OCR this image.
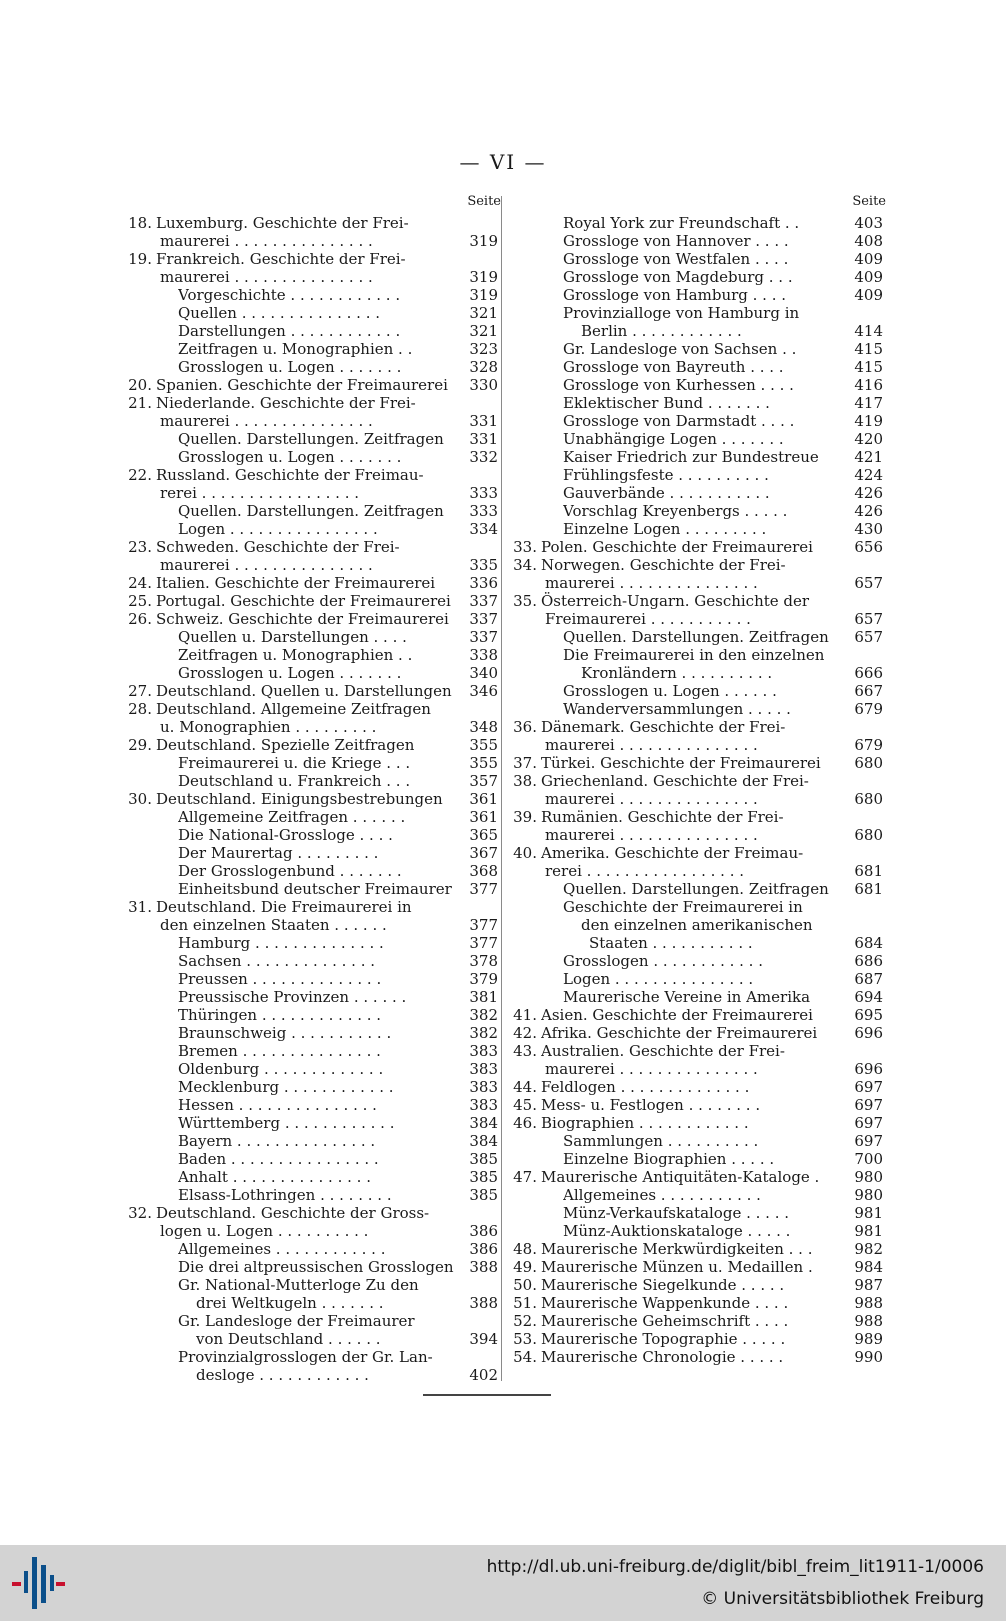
— VI —
Seite
18. Luxemburg. Geschichte der Frei-
maurerei . . . . . . . . . . . . . . .	319
19. Frankreich. Geschichte der Frei-
maurerei . . . . . . . . . . . . . . .	319
Vorgeschichte . . . . . . . . . . . .	319
Quellen . . . . . . . . . . . . . . .	321
Darstellungen . . . . . . . . . . . .	321
Zeitfragen u. Monographien . .	323
Grosslogen u. Logen . . . . . . .	328
20. Spanien. Geschichte der Freimaurerei	330
21. Niederlande. Geschichte der Frei-
maurerei . . . . . . . . . . . . . . .	331
Quellen. Darstellungen. Zeitfragen	331
Grosslogen u. Logen . . . . . . .	332
22. Russland. Geschichte der Freimau-
rerei . . . . . . . . . . . . . . . . .	333
Quellen. Darstellungen. Zeitfragen	333
Logen . . . . . . . . . . . . . . . .	334
23. Schweden. Geschichte der Frei-
maurerei . . . . . . . . . . . . . . .	335
24. Italien. Geschichte der Freimaurerei	336
25. Portugal. Geschichte der Freimaurerei	337
26. Schweiz. Geschichte der Freimaurerei	337
Quellen u. Darstellungen . . . .	337
Zeitfragen u. Monographien . .	338
Grosslogen u. Logen . . . . . . .	340
27. Deutschland. Quellen u. Darstellungen	346
28. Deutschland. Allgemeine Zeitfragen
u. Monographien . . . . . . . . .	348
29. Deutschland. Spezielle Zeitfragen	355
Freimaurerei u. die Kriege . . .	355
Deutschland u. Frankreich . . .	357
30. Deutschland. Einigungsbestrebungen	361
Allgemeine Zeitfragen . . . . . .	361
Die National-Grossloge . . . .	365
Der Maurertag . . . . . . . . .	367
Der Grosslogenbund . . . . . . .	368
Einheitsbund deutscher Freimaurer	377
31. Deutschland. Die Freimaurerei in
den einzelnen Staaten . . . . . .	377
Hamburg . . . . . . . . . . . . . .	377
Sachsen . . . . . . . . . . . . . .	378
Preussen . . . . . . . . . . . . . .	379
Preussische Provinzen . . . . . .	381
Thüringen . . . . . . . . . . . . .	382
Braunschweig . . . . . . . . . . .	382
Bremen . . . . . . . . . . . . . . .	383
Oldenburg . . . . . . . . . . . . .	383
Mecklenburg . . . . . . . . . . . .	383
Hessen . . . . . . . . . . . . . . .	383
Württemberg . . . . . . . . . . . .	384
Bayern . . . . . . . . . . . . . . .	384
Baden . . . . . . . . . . . . . . . .	385
Anhalt . . . . . . . . . . . . . . .	385
Elsass-Lothringen . . . . . . . .	385
32. Deutschland. Geschichte der Gross-
logen u. Logen . . . . . . . . . .	386
Allgemeines . . . . . . . . . . . .	386
Die drei altpreussischen Grosslogen	388
Gr. National-Mutterloge Zu den
drei Weltkugeln . . . . . . .	388
Gr. Landesloge der Freimaurer
von Deutschland . . . . . .	394
Provinzialgrosslogen der Gr. Lan-
desloge . . . . . . . . . . . .	402
Seite
Royal York zur Freundschaft . .	403
Grossloge von Hannover . . . .	408
Grossloge von Westfalen . . . .	409
Grossloge von Magdeburg . . .	409
Grossloge von Hamburg . . . .	409
Provinzialloge von Hamburg in
Berlin . . . . . . . . . . . .	414
Gr. Landesloge von Sachsen . .	415
Grossloge von Bayreuth . . . .	415
Grossloge von Kurhessen . . . .	416
Eklektischer Bund . . . . . . .	417
Grossloge von Darmstadt . . . .	419
Unabhängige Logen . . . . . . .	420
Kaiser Friedrich zur Bundestreue	421
Frühlingsfeste . . . . . . . . . .	424
Gauverbände . . . . . . . . . . .	426
Vorschlag Kreyenbergs . . . . .	426
Einzelne Logen . . . . . . . . .	430
33. Polen. Geschichte der Freimaurerei	656
34. Norwegen. Geschichte der Frei-
maurerei . . . . . . . . . . . . . . .	657
35. Österreich-Ungarn. Geschichte der
Freimaurerei . . . . . . . . . . .	657
Quellen. Darstellungen. Zeitfragen	657
Die Freimaurerei in den einzelnen
Kronländern . . . . . . . . . .	666
Grosslogen u. Logen . . . . . .	667
Wanderversammlungen . . . . .	679
36. Dänemark. Geschichte der Frei-
maurerei . . . . . . . . . . . . . . .	679
37. Türkei. Geschichte der Freimaurerei	680
38. Griechenland. Geschichte der Frei-
maurerei . . . . . . . . . . . . . . .	680
39. Rumänien. Geschichte der Frei-
maurerei . . . . . . . . . . . . . . .	680
40. Amerika. Geschichte der Freimau-
rerei . . . . . . . . . . . . . . . . .	681
Quellen. Darstellungen. Zeitfragen	681
Geschichte der Freimaurerei in
den einzelnen amerikanischen
Staaten . . . . . . . . . . .	684
Grosslogen . . . . . . . . . . . .	686
Logen . . . . . . . . . . . . . . .	687
Maurerische Vereine in Amerika	694
41. Asien. Geschichte der Freimaurerei	695
42. Afrika. Geschichte der Freimaurerei	696
43. Australien. Geschichte der Frei-
maurerei . . . . . . . . . . . . . . .	696
44. Feldlogen . . . . . . . . . . . . . .	697
45. Mess- u. Festlogen . . . . . . . .	697
46. Biographien . . . . . . . . . . . .	697
Sammlungen . . . . . . . . . .	697
Einzelne Biographien . . . . .	700
47. Maurerische Antiquitäten-Kataloge .	980
Allgemeines . . . . . . . . . . .	980
Münz-Verkaufskataloge . . . . .	981
Münz-Auktionskataloge . . . . .	981
48. Maurerische Merkwürdigkeiten . . .	982
49. Maurerische Münzen u. Medaillen .	984
50. Maurerische Siegelkunde . . . . .	987
51. Maurerische Wappenkunde . . . .	988
52. Maurerische Geheimschrift . . . .	988
53. Maurerische Topographie . . . . .	989
54. Maurerische Chronologie . . . . .	990
http://dl.ub.uni-freiburg.de/diglit/bibl_freim_lit1911-1/0006
© Universitätsbibliothek Freiburg
